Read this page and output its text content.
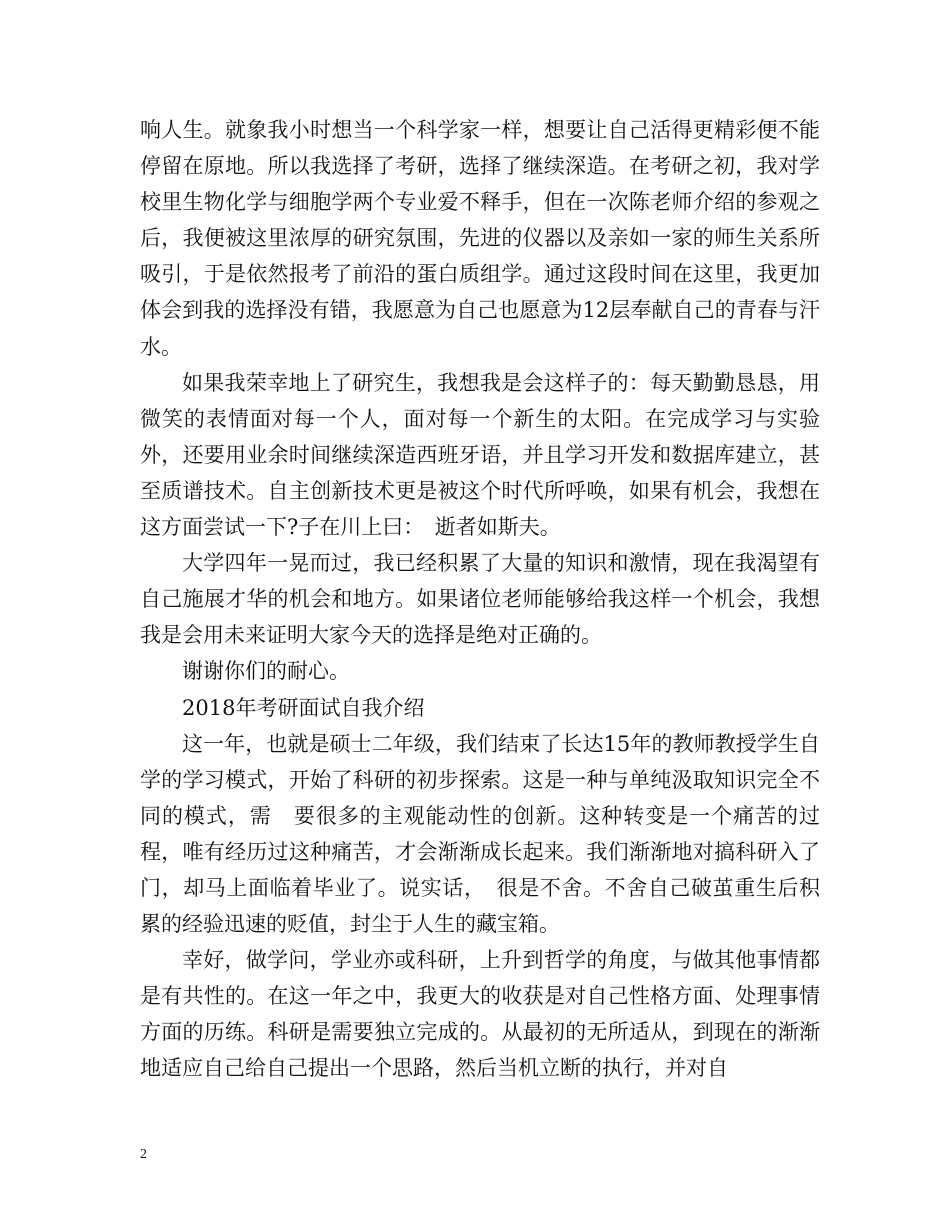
响人生。就象我小时想当一个科学家一样，想要让自己活得更精彩便不能停留在原地。所以我选择了考研，选择了继续深造。在考研之初，我对学校里生物化学与细胞学两个专业爱不释手，但在一次陈老师介绍的参观之后，我便被这里浓厚的研究氛围，先进的仪器以及亲如一家的师生关系所吸引，于是依然报考了前沿的蛋白质组学。通过这段时间在这里，我更加体会到我的选择没有错，我愿意为自己也愿意为12层奉献自己的青春与汗水。

如果我荣幸地上了研究生，我想我是会这样子的：每天勤勤恳恳，用微笑的表情面对每一个人，面对每一个新生的太阳。在完成学习与实验外，还要用业余时间继续深造西班牙语，并且学习开发和数据库建立，甚至质谱技术。自主创新技术更是被这个时代所呼唤，如果有机会，我想在这方面尝试一下?子在川上曰：　逝者如斯夫。

大学四年一晃而过，我已经积累了大量的知识和激情，现在我渴望有自己施展才华的机会和地方。如果诸位老师能够给我这样一个机会，我想我是会用未来证明大家今天的选择是绝对正确的。

谢谢你们的耐心。

2018年考研面试自我介绍

这一年，也就是硕士二年级，我们结束了长达15年的教师教授学生自学的学习模式，开始了科研的初步探索。这是一种与单纯汲取知识完全不同的模式，需　要很多的主观能动性的创新。这种转变是一个痛苦的过程，唯有经历过这种痛苦，才会渐渐成长起来。我们渐渐地对搞科研入了门，却马上面临着毕业了。说实话，　很是不舍。不舍自己破茧重生后积累的经验迅速的贬值，封尘于人生的藏宝箱。

幸好，做学问，学业亦或科研，上升到哲学的角度，与做其他事情都是有共性的。在这一年之中，我更大的收获是对自己性格方面、处理事情方面的历练。科研是需要独立完成的。从最初的无所适从，到现在的渐渐地适应自己给自己提出一个思路，然后当机立断的执行，并对自

2
